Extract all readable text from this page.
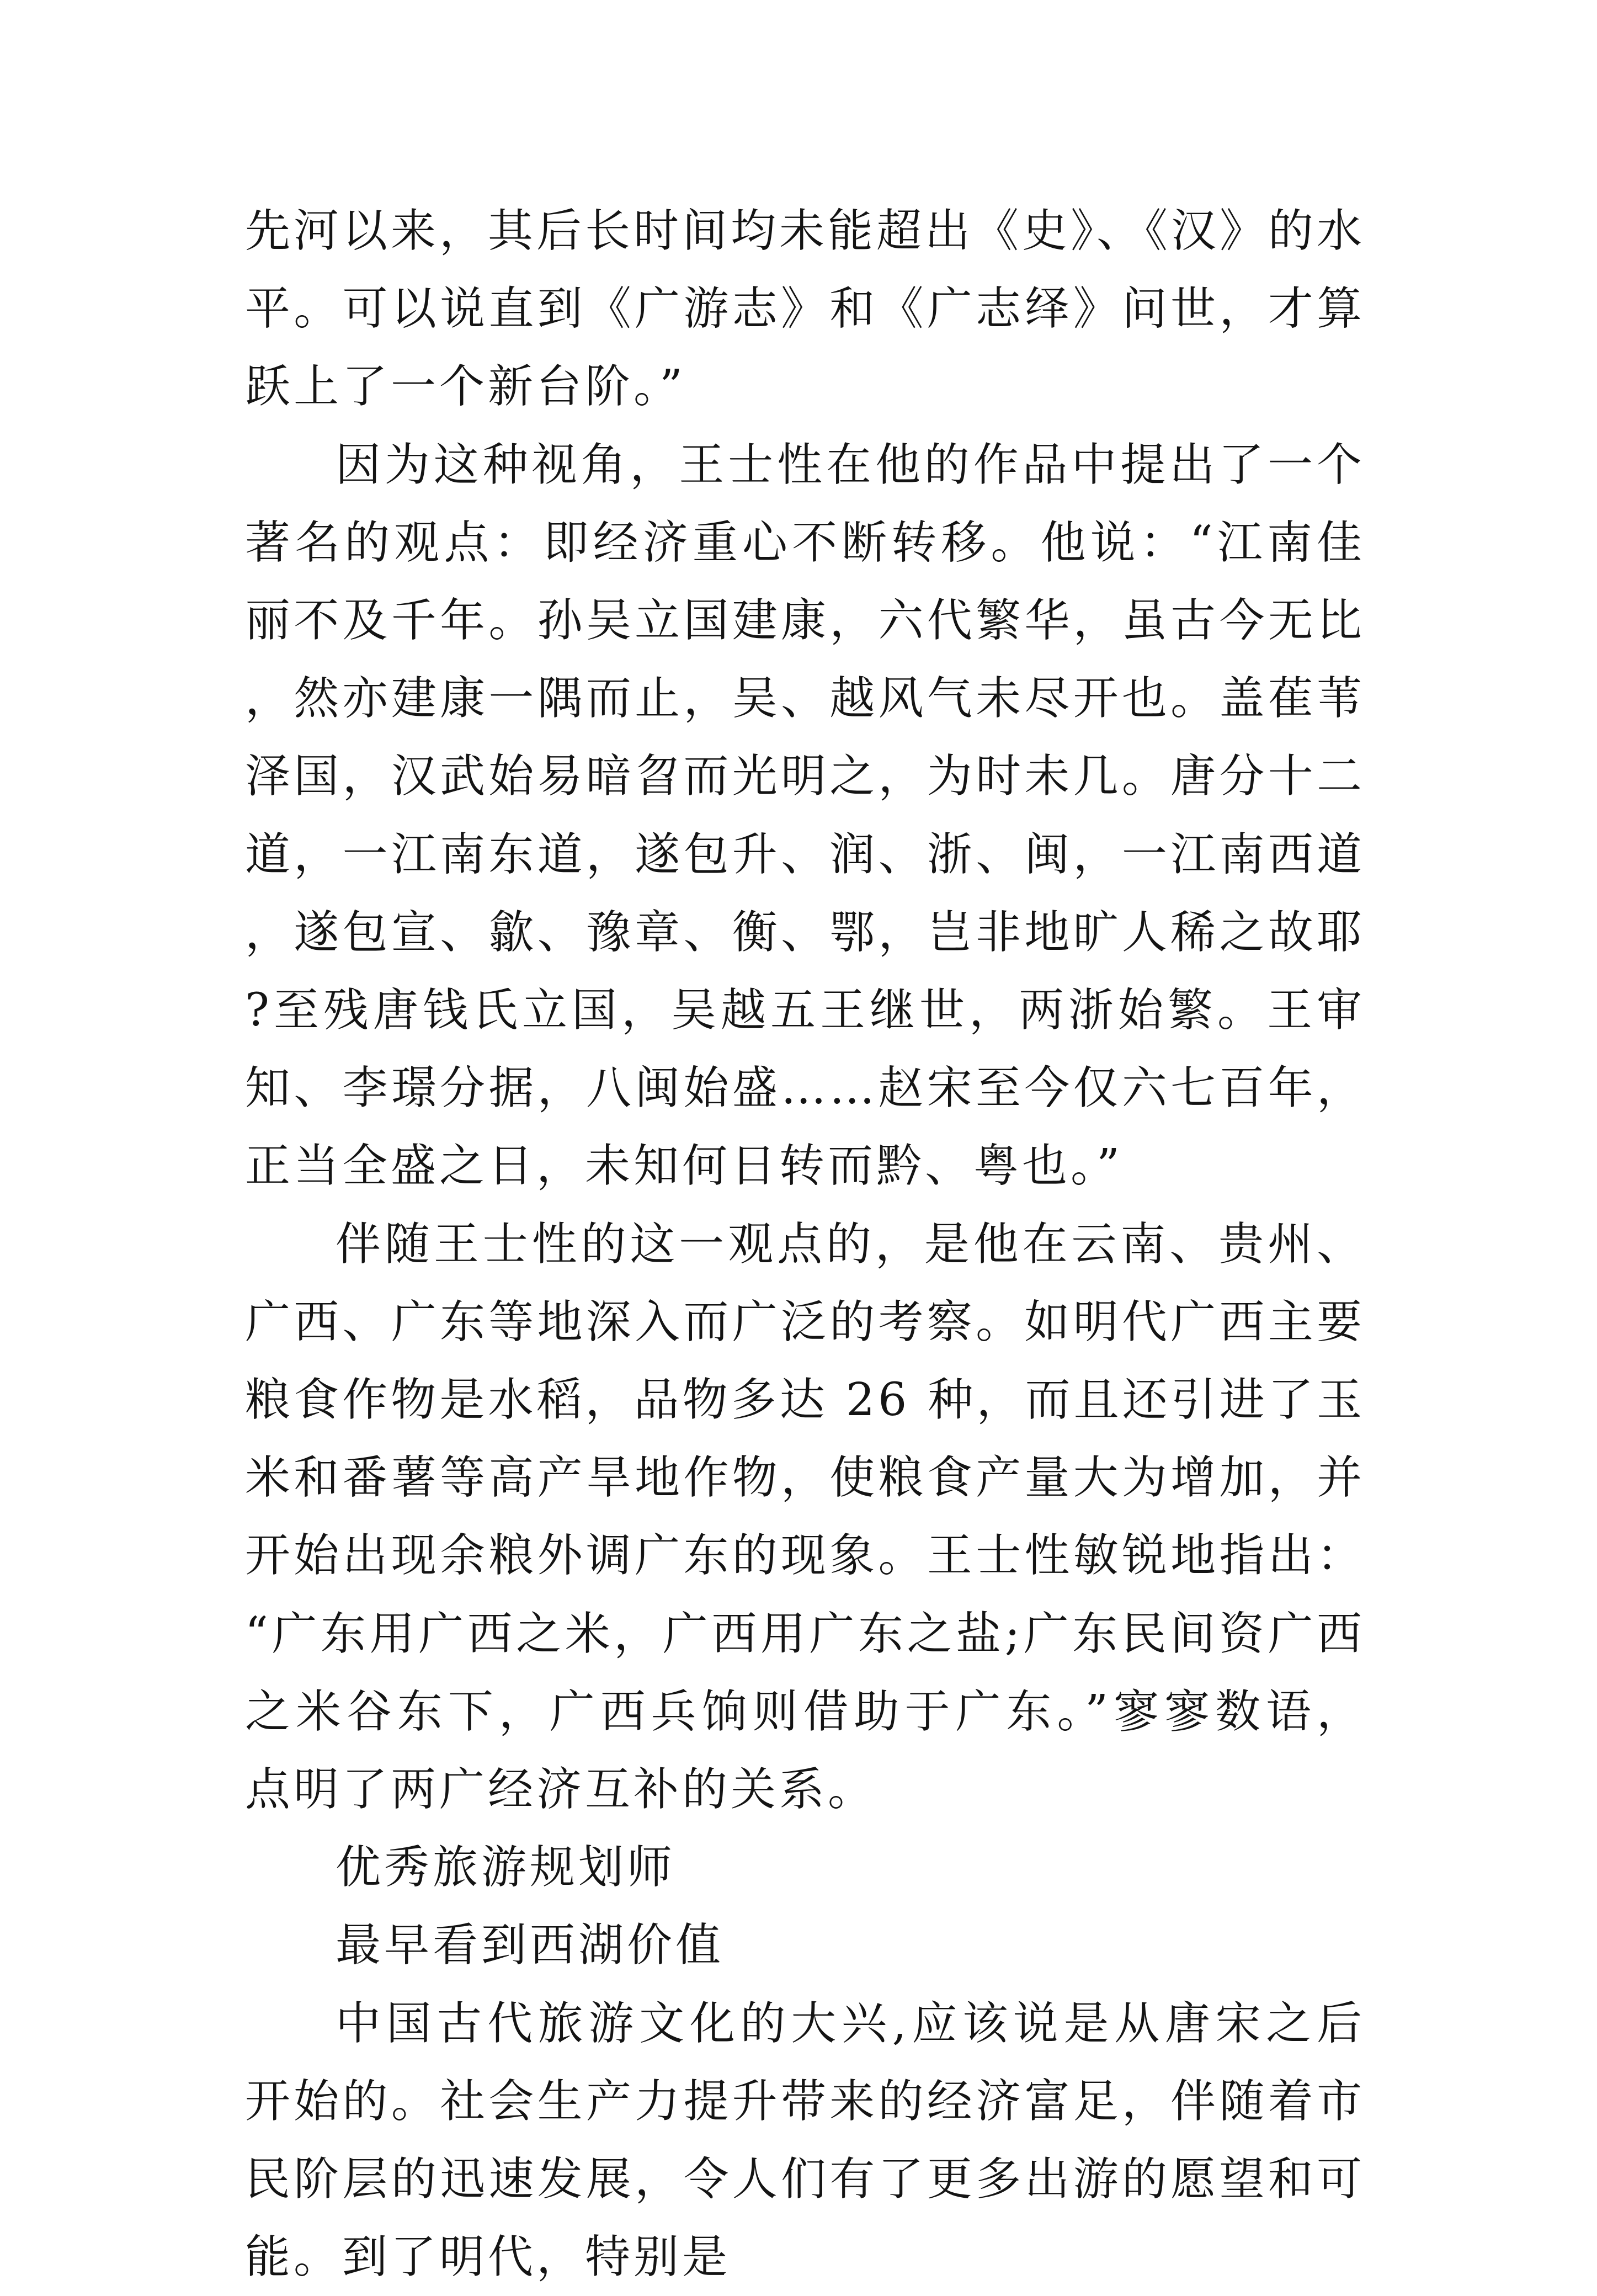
先河以来，其后长时间均未能超出《史》、《汉》的水平。可以说直到《广游志》和《广志绎》问世，才算跃上了一个新台阶。”

因为这种视角，王士性在他的作品中提出了一个著名的观点：即经济重心不断转移。他说：“江南佳丽不及千年。孙吴立国建康，六代繁华，虽古今无比，然亦建康一隅而止，吴、越风气未尽开也。盖萑苇泽国，汉武始易暗曶而光明之，为时未几。唐分十二道，一江南东道，遂包升、润、浙、闽，一江南西道，遂包宣、歙、豫章、衡、鄂，岂非地旷人稀之故耶?至残唐钱氏立国，吴越五王继世，两浙始繁。王审知、李璟分据，八闽始盛……赵宋至今仅六七百年，正当全盛之日，未知何日转而黔、粤也。”

伴随王士性的这一观点的，是他在云南、贵州、广西、广东等地深入而广泛的考察。如明代广西主要粮食作物是水稻，品物多达 26 种，而且还引进了玉米和番薯等高产旱地作物，使粮食产量大为增加，并开始出现余粮外调广东的现象。王士性敏锐地指出：“广东用广西之米，广西用广东之盐;广东民间资广西之米谷东下，广西兵饷则借助于广东。”寥寥数语，点明了两广经济互补的关系。

优秀旅游规划师

最早看到西湖价值

中国古代旅游文化的大兴,应该说是从唐宋之后开始的。社会生产力提升带来的经济富足，伴随着市民阶层的迅速发展，令人们有了更多出游的愿望和可能。到了明代，特别是
